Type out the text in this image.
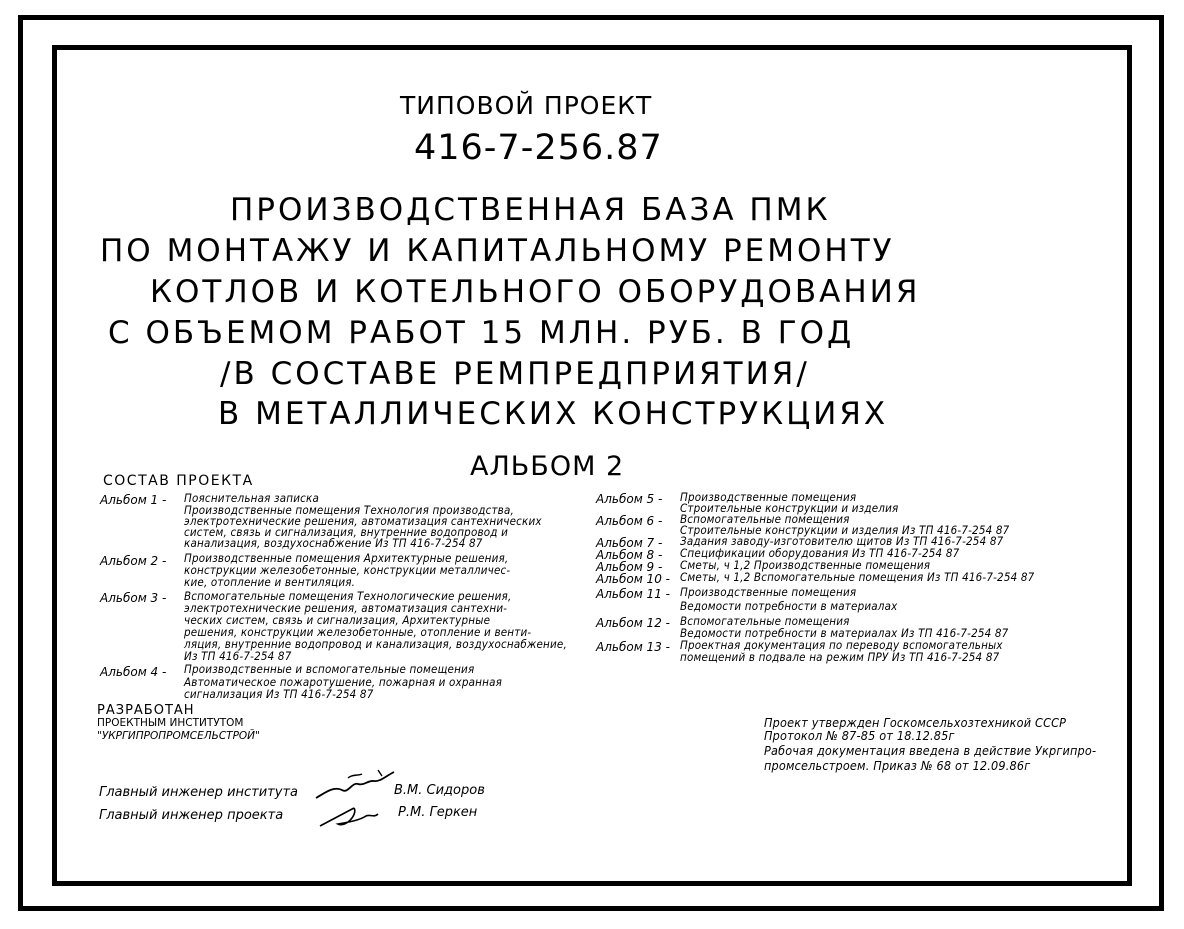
ТИПОВОЙ ПРОЕКТ
416-7-256.87
ПРОИЗВОДСТВЕННАЯ БАЗА ПМК
ПО МОНТАЖУ И КАПИТАЛЬНОМУ РЕМОНТУ
КОТЛОВ И КОТЕЛЬНОГО ОБОРУДОВАНИЯ
С ОБЪЕМОМ РАБОТ 15 МЛН. РУБ. В ГОД
/В СОСТАВЕ РЕМПРЕДПРИЯТИЯ/
В МЕТАЛЛИЧЕСКИХ КОНСТРУКЦИЯХ
АЛЬБОМ 2
СОСТАВ ПРОЕКТА
Альбом 1 - Пояснительная записка
Производственные помещения Технология производства,
электротехнические решения, автоматизация сантехнических
систем, связь и сигнализация, внутренние водопровод и
канализация, воздухоснабжение Из ТП 416-7-254 87
Альбом 2 - Производственные помещения Архитектурные решения,
конструкции железобетонные, конструкции металличес-
кие, отопление и вентиляция.
Альбом 3 - Вспомогательные помещения Технологические решения,
электротехнические решения, автоматизация сантехни-
ческих систем, связь и сигнализация, Архитектурные
решения, конструкции железобетонные, отопление и венти-
ляция, внутренние водопровод и канализация, воздухоснабжение,
Из ТП 416-7-254 87
Альбом 4 - Производственные и вспомогательные помещения
Автоматическое пожаротушение, пожарная и охранная
сигнализация Из ТП 416-7-254 87
Альбом 5 - Производственные помещения
Строительные конструкции и изделия
Альбом 6 - Вспомогательные помещения
Строительные конструкции и изделия Из ТП 416-7-254 87
Альбом 7 - Задания заводу-изготовителю щитов Из ТП 416-7-254 87
Альбом 8 - Спецификации оборудования Из ТП 416-7-254 87
Альбом 9 - Сметы, ч 1,2 Производственные помещения
Альбом 10 - Сметы, ч 1,2 Вспомогательные помещения Из ТП 416-7-254 87
Альбом 11 - Производственные помещения
Ведомости потребности в материалах
Альбом 12 - Вспомогательные помещения
Ведомости потребности в материалах Из ТП 416-7-254 87
Альбом 13 - Проектная документация по переводу вспомогательных
помещений в подвале на режим ПРУ Из ТП 416-7-254 87
РАЗРАБОТАН
ПРОЕКТНЫМ ИНСТИТУТОМ
"УКРГИПРОПРОМСЕЛЬСТРОЙ"
Главный инженер института	В.М. Сидоров
Главный инженер проекта	Р.М. Геркен
Проект утвержден Госкомсельхозтехникой СССР
Протокол № 87-85 от 18.12.85г
Рабочая документация введена в действие Укргипро-
промсельстроем. Приказ № 68 от 12.09.86г
